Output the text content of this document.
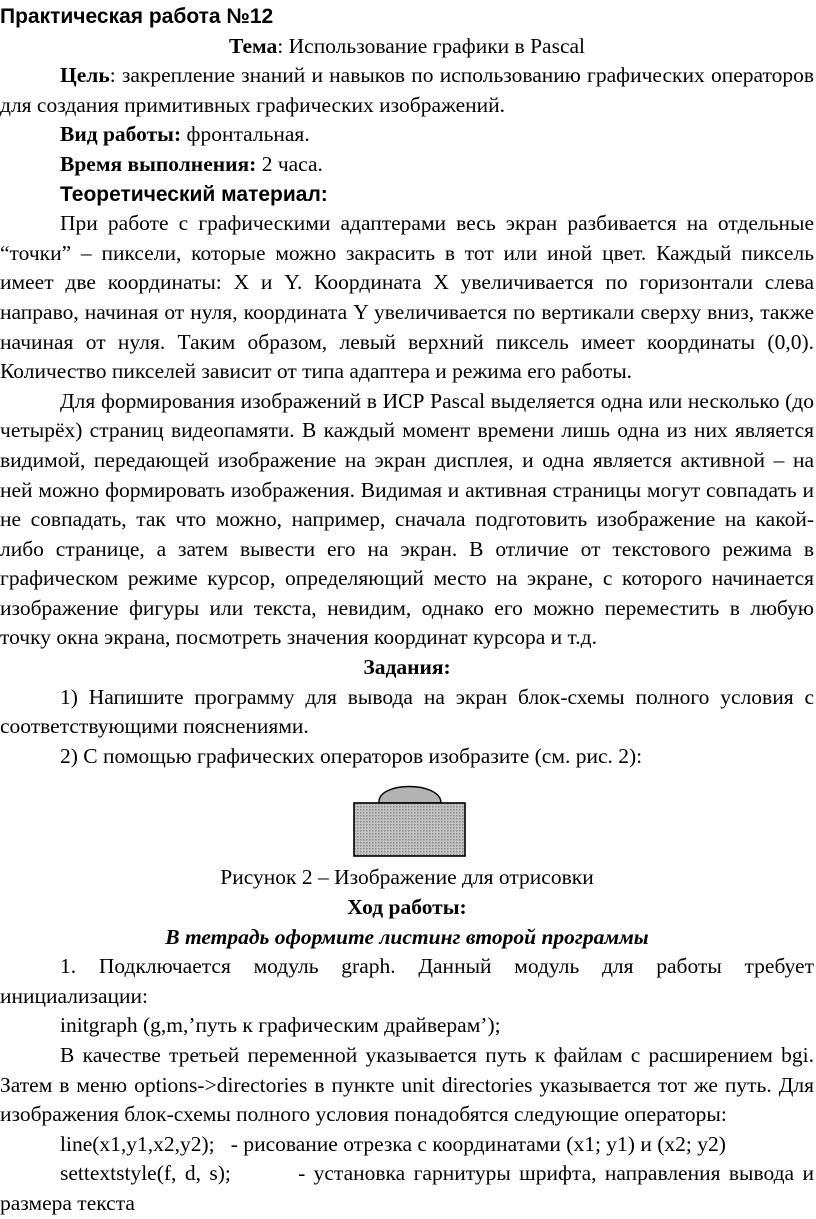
Практическая работа №12

Тема: Использование графики в Pascal

Цель: закрепление знаний и навыков по использованию графических операторов для создания примитивных графических изображений.

Вид работы: фронтальная.

Время выполнения: 2 часа.

Теоретический материал:

При работе с графическими адаптерами весь экран разбивается на отдельные “точки” – пиксели, которые можно закрасить в тот или иной цвет. Каждый пиксель имеет две координаты: X и Y. Координата X увеличивается по горизонтали слева направо, начиная от нуля, координата Y увеличивается по вертикали сверху вниз, также начиная от нуля. Таким образом, левый верхний пиксель имеет координаты (0,0). Количество пикселей зависит от типа адаптера и режима его работы.

Для формирования изображений в ИСР Pascal выделяется одна или несколько (до четырёх) страниц видеопамяти. В каждый момент времени лишь одна из них является видимой, передающей изображение на экран дисплея, и одна является активной – на ней можно формировать изображения. Видимая и активная страницы могут совпадать и не совпадать, так что можно, например, сначала подготовить изображение на какой-либо странице, а затем вывести его на экран. В отличие от текстового режима в графическом режиме курсор, определяющий место на экране, с которого начинается изображение фигуры или текста, невидим, однако его можно переместить в любую точку окна экрана, посмотреть значения координат курсора и т.д.

Задания:

1) Напишите программу для вывода на экран блок-схемы полного условия с соответствующими пояснениями.

2) С помощью графических операторов изобразите (см. рис. 2):

Рисунок 2 – Изображение для отрисовки

Ход работы:

В тетрадь оформите листинг второй программы

1. Подключается модуль graph. Данный модуль для работы требует инициализации:

initgraph (g,m,’путь к графическим драйверам’);

В качестве третьей переменной указывается путь к файлам с расширением bgi. Затем в меню options->directories в пункте unit directories указывается тот же путь. Для изображения блок-схемы полного условия понадобятся следующие операторы:

line(x1,y1,x2,y2); - рисование отрезка с координатами (x1; y1) и (x2; y2)

settextstyle(f, d, s);	- установка гарнитуры шрифта, направления вывода и размера текста
